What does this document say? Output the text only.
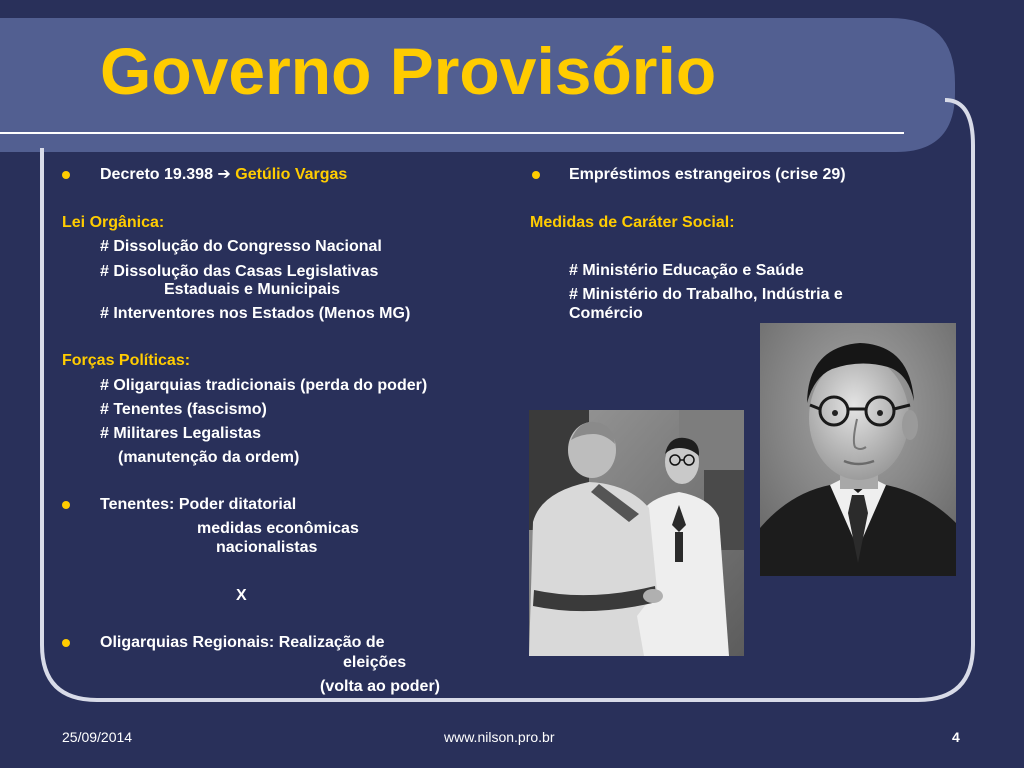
Governo Provisório
Decreto 19.398 ➔ Getúlio Vargas
Lei Orgânica:
# Dissolução do Congresso Nacional
# Dissolução das Casas Legislativas
Estaduais e Municipais
# Interventores nos Estados (Menos MG)
Forças Políticas:
# Oligarquias tradicionais (perda do poder)
# Tenentes (fascismo)
# Militares Legalistas
(manutenção da ordem)
Tenentes: Poder ditatorial
medidas econômicas
nacionalistas
X
Oligarquias Regionais: Realização de
eleições
(volta ao poder)
Empréstimos estrangeiros (crise 29)
Medidas de Caráter Social:
# Ministério Educação e Saúde
# Ministério do Trabalho, Indústria e
Comércio
25/09/2014	www.nilson.pro.br	4
